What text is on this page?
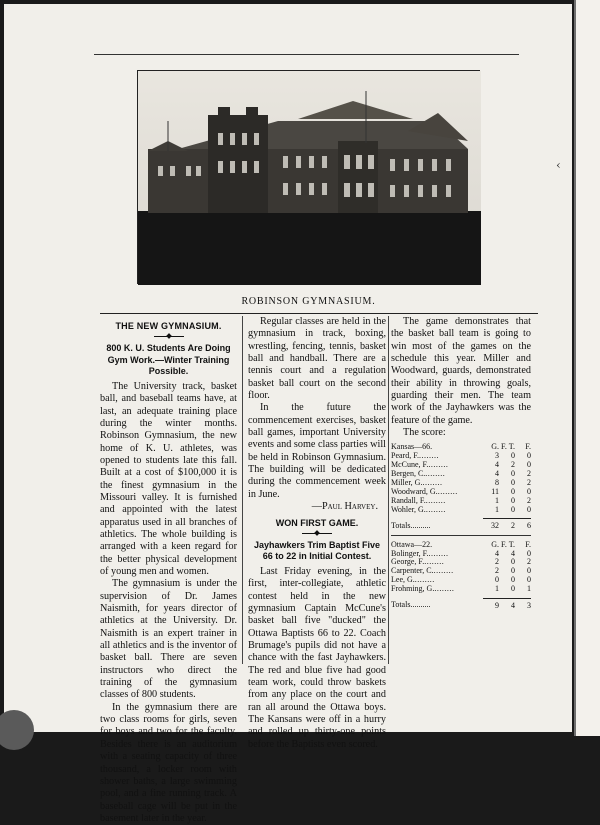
ROBINSON GYMNASIUM.
THE NEW GYMNASIUM.
800 K. U. Students Are Doing Gym Work.—Winter Training Possible.

The University track, basket ball, and baseball teams have, at last, an adequate training place during the winter months. Robinson Gymnasium, the new home of K. U. athletes, was opened to students late this fall. Built at a cost of $100,000 it is the finest gymnasium in the Missouri valley. It is furnished and appointed with the latest apparatus used in all branches of athletics. The whole building is arranged with a keen regard for the better physical development of young men and women.

The gymnasium is under the supervision of Dr. James Naismith, for years director of athletics at the University. Dr. Naismith is an expert trainer in all athletics and is the inventor of basket ball. There are seven instructors who direct the training of the gymnasium classes of 800 students.

In the gymnasium there are two class rooms for girls, seven for boys and two for the faculty. Besides there is an auditorium with a seating capacity of three thousand, a locker room with shower baths, a large swimming pool, and a fine running track. A baseball cage will be put in the basement later in the year.

Regular classes are held in the gymnasium in track, boxing, wrestling, fencing, tennis, basket ball and handball. There are a tennis court and a regulation basket ball court on the second floor.

In the future the commencement exercises, basket ball games, important University events and some class parties will be held in Robinson Gymnasium. The building will be dedicated during the commencement week in June.

—Paul Harvey.

WON FIRST GAME.
Jayhawkers Trim Baptist Five 66 to 22 in Initial Contest.

Last Friday evening, in the first, inter-collegiate, athletic contest held in the new gymnasium Captain McCune's basket ball five "ducked" the Ottawa Baptists 66 to 22. Coach Brumage's pupils did not have a chance with the fast Jayhawkers. The red and blue five had good team work, could throw baskets from any place on the court and ran all around the Ottawa boys. The Kansans were off in a hurry and rolled up thirty-one points before the Baptists even scored.

The game demonstrates that the basket ball team is going to win most of the games on the schedule this year. Miller and Woodward, guards, demonstrated their ability in throwing goals, guarding their men. The team work of the Jayhawkers was the feature of the game.

The score:

Kansas—66.	G.	F. T.	F.
Peard, F.........	3	0	0
McCune, F.........	4	2	0
Bergen, C.........	4	0	2
Miller, G.........	8	0	2
Woodward, G.........	11	0	0
Randall, F.........	1	0	2
Wohler, G.........	1	0	0

Totals..........	32	2	6

Ottawa—22.	G.	F. T.	F.
Bolinger, F.........	4	4	0
George, F.........	2	0	2
Carpenter, C.........	2	0	0
Lee, G.........	0	0	0
Frohming, G.........	1	0	1

Totals..........	9	4	3
‹
